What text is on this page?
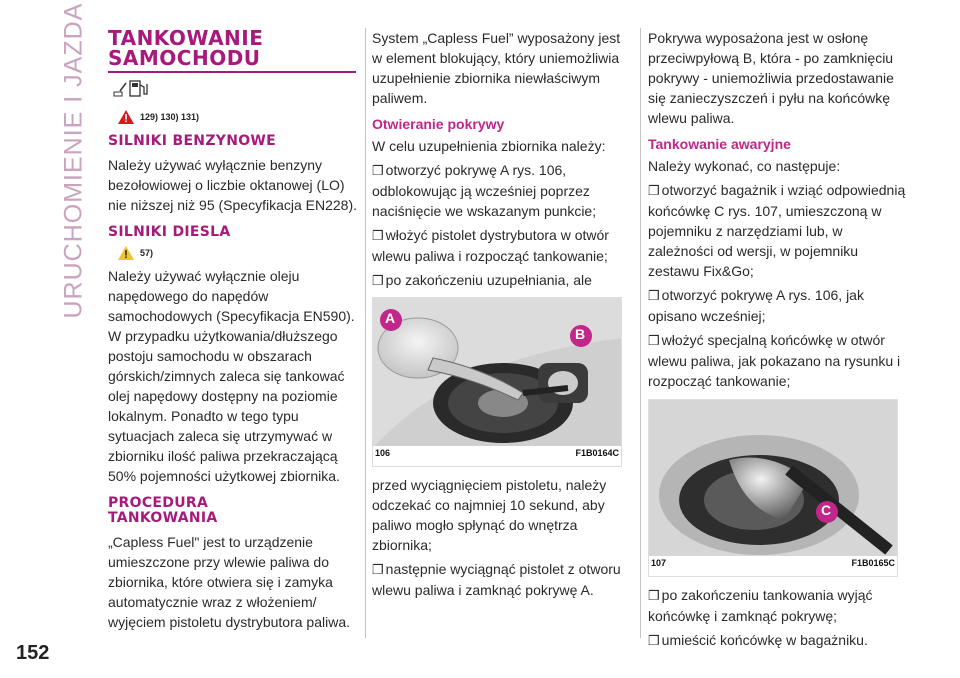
URUCHOMIENIE I JAZDA
152
TANKOWANIE
SAMOCHODU
129) 130) 131)
SILNIKI BENZYNOWE

Należy używać wyłącznie benzyny bezołowiowej o liczbie oktanowej (LO) nie niższej niż 95 (Specyfikacja EN228).

SILNIKI DIESLA
57)

Należy używać wyłącznie oleju napędowego do napędów samochodowych (Specyfikacja EN590). W przypadku użytkowania/dłuższego postoju samochodu w obszarach górskich/zimnych zaleca się tankować olej napędowy dostępny na poziomie lokalnym. Ponadto w tego typu sytuacjach zaleca się utrzymywać w zbiorniku ilość paliwa przekraczającą 50% pojemności użytkowej zbiornika.

PROCEDURA
TANKOWANIA

„Capless Fuel" jest to urządzenie umieszczone przy wlewie paliwa do zbiornika, które otwiera się i zamyka automatycznie wraz z włożeniem/ wyjęciem pistoletu dystrybutora paliwa.

System „Capless Fuel” wyposażony jest w element blokujący, który uniemożliwia uzupełnienie zbiornika niewłaściwym paliwem.

Otwieranie pokrywy

W celu uzupełnienia zbiornika należy:

❒ otworzyć pokrywę A rys. 106, odblokowując ją wcześniej poprzez naciśnięcie we wskazanym punkcie;
❒ włożyć pistolet dystrybutora w otwór wlewu paliwa i rozpocząć tankowanie;
❒ po zakończeniu uzupełniania, ale
A
B
106	F1B0164C

przed wyciągnięciem pistoletu, należy odczekać co najmniej 10 sekund, aby paliwo mogło spłynąć do wnętrza zbiornika;

❒ następnie wyciągnąć pistolet z otworu wlewu paliwa i zamknąć pokrywę A.

Pokrywa wyposażona jest w osłonę przeciwpyłową B, która - po zamknięciu pokrywy - uniemożliwia przedostawanie się zanieczyszczeń i pyłu na końcówkę wlewu paliwa.

Tankowanie awaryjne

Należy wykonać, co następuje:

❒ otworzyć bagażnik i wziąć odpowiednią końcówkę C rys. 107, umieszczoną w pojemniku z narzędziami lub, w zależności od wersji, w pojemniku zestawu Fix&Go;
❒ otworzyć pokrywę A rys. 106, jak opisano wcześniej;
❒ włożyć specjalną końcówkę w otwór wlewu paliwa, jak pokazano na rysunku i rozpocząć tankowanie;
C
107	F1B0165C
❒ po zakończeniu tankowania wyjąć końcówkę i zamknąć pokrywę;
❒ umieścić końcówkę w bagażniku.
